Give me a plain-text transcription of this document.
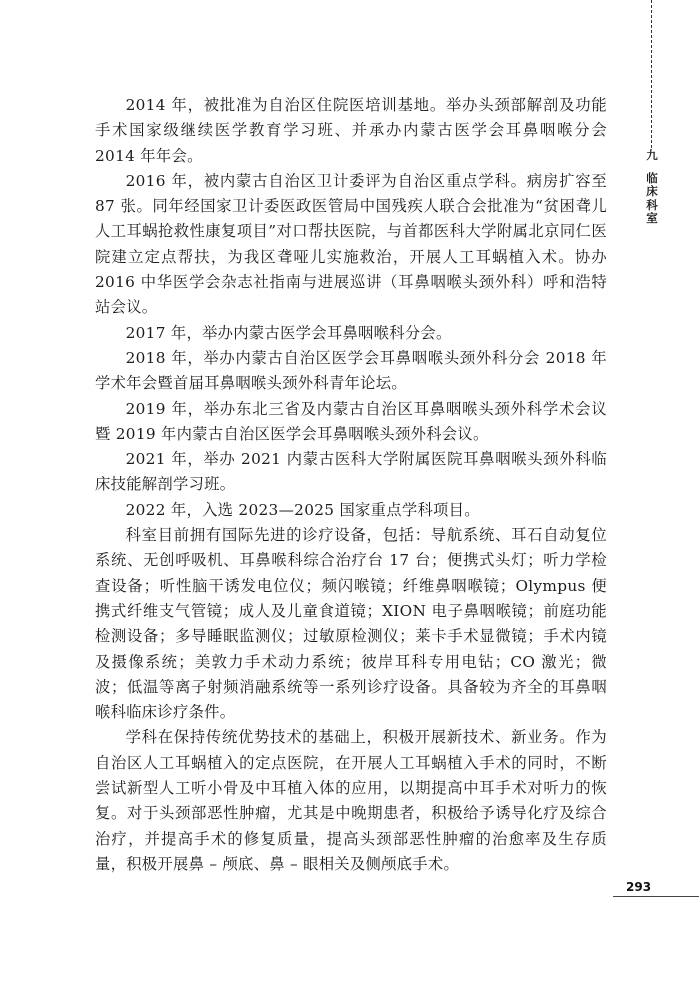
九
临
床
科
室

2014 年，被批准为自治区住院医培训基地。举办头颈部解剖及功能手术国家级继续医学教育学习班、并承办内蒙古医学会耳鼻咽喉分会 2014 年年会。

2016 年，被内蒙古自治区卫计委评为自治区重点学科。病房扩容至 87 张。同年经国家卫计委医政医管局中国残疾人联合会批准为“贫困聋儿人工耳蜗抢救性康复项目”对口帮扶医院，与首都医科大学附属北京同仁医院建立定点帮扶，为我区聋哑儿实施救治，开展人工耳蜗植入术。协办 2016 中华医学会杂志社指南与进展巡讲（耳鼻咽喉头颈外科）呼和浩特站会议。

2017 年，举办内蒙古医学会耳鼻咽喉科分会。

2018 年，举办内蒙古自治区医学会耳鼻咽喉头颈外科分会 2018 年学术年会暨首届耳鼻咽喉头颈外科青年论坛。

2019 年，举办东北三省及内蒙古自治区耳鼻咽喉头颈外科学术会议暨 2019 年内蒙古自治区医学会耳鼻咽喉头颈外科会议。

2021 年，举办 2021 内蒙古医科大学附属医院耳鼻咽喉头颈外科临床技能解剖学习班。

2022 年，入选 2023—2025 国家重点学科项目。

科室目前拥有国际先进的诊疗设备，包括：导航系统、耳石自动复位系统、无创呼吸机、耳鼻喉科综合治疗台 17 台；便携式头灯；听力学检查设备；听性脑干诱发电位仪；频闪喉镜；纤维鼻咽喉镜；Olympus 便携式纤维支气管镜；成人及儿童食道镜；XION 电子鼻咽喉镜；前庭功能检测设备；多导睡眠监测仪；过敏原检测仪；莱卡手术显微镜；手术内镜及摄像系统；美敦力手术动力系统；彼岸耳科专用电钻；CO 激光；微波；低温等离子射频消融系统等一系列诊疗设备。具备较为齐全的耳鼻咽喉科临床诊疗条件。

学科在保持传统优势技术的基础上，积极开展新技术、新业务。作为自治区人工耳蜗植入的定点医院，在开展人工耳蜗植入手术的同时，不断尝试新型人工听小骨及中耳植入体的应用，以期提高中耳手术对听力的恢复。对于头颈部恶性肿瘤，尤其是中晚期患者，积极给予诱导化疗及综合治疗，并提高手术的修复质量，提高头颈部恶性肿瘤的治愈率及生存质量，积极开展鼻 – 颅底、鼻 – 眼相关及侧颅底手术。

293
